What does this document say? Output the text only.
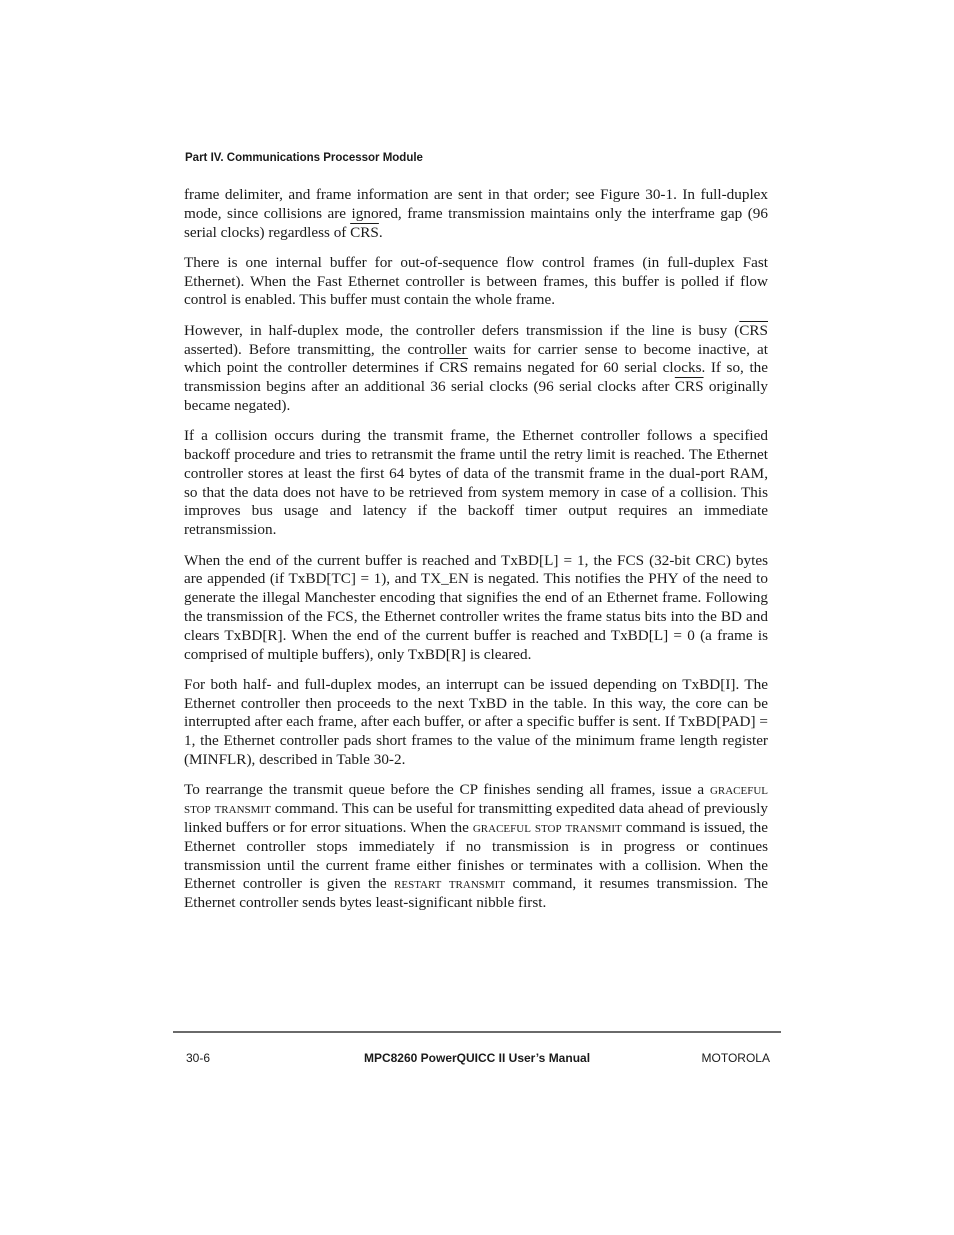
Part IV. Communications Processor Module

frame delimiter, and frame information are sent in that order; see Figure 30-1. In full-duplex mode, since collisions are ignored, frame transmission maintains only the interframe gap (96 serial clocks) regardless of $\overline{CRS}$.

There is one internal buffer for out-of-sequence flow control frames (in full-duplex Fast Ethernet). When the Fast Ethernet controller is between frames, this buffer is polled if flow control is enabled. This buffer must contain the whole frame.

However, in half-duplex mode, the controller defers transmission if the line is busy ($\overline{CRS}$ asserted). Before transmitting, the controller waits for carrier sense to become inactive, at which point the controller determines if $\overline{CRS}$ remains negated for 60 serial clocks. If so, the transmission begins after an additional 36 serial clocks (96 serial clocks after $\overline{CRS}$ originally became negated).

If a collision occurs during the transmit frame, the Ethernet controller follows a specified backoff procedure and tries to retransmit the frame until the retry limit is reached. The Ethernet controller stores at least the first 64 bytes of data of the transmit frame in the dual-port RAM, so that the data does not have to be retrieved from system memory in case of a collision. This improves bus usage and latency if the backoff timer output requires an immediate retransmission.

When the end of the current buffer is reached and TxBD[L] = 1, the FCS (32-bit CRC) bytes are appended (if TxBD[TC] = 1), and TX_EN is negated. This notifies the PHY of the need to generate the illegal Manchester encoding that signifies the end of an Ethernet frame. Following the transmission of the FCS, the Ethernet controller writes the frame status bits into the BD and clears TxBD[R]. When the end of the current buffer is reached and TxBD[L] = 0 (a frame is comprised of multiple buffers), only TxBD[R] is cleared.

For both half- and full-duplex modes, an interrupt can be issued depending on TxBD[I]. The Ethernet controller then proceeds to the next TxBD in the table. In this way, the core can be interrupted after each frame, after each buffer, or after a specific buffer is sent. If TxBD[PAD] = 1, the Ethernet controller pads short frames to the value of the minimum frame length register (MINFLR), described in Table 30-2.

To rearrange the transmit queue before the CP finishes sending all frames, issue a graceful stop transmit command. This can be useful for transmitting expedited data ahead of previously linked buffers or for error situations. When the graceful stop transmit command is issued, the Ethernet controller stops immediately if no transmission is in progress or continues transmission until the current frame either finishes or terminates with a collision. When the Ethernet controller is given the restart transmit command, it resumes transmission. The Ethernet controller sends bytes least-significant nibble first.

30-6	MPC8260 PowerQUICC II User’s Manual	MOTOROLA
